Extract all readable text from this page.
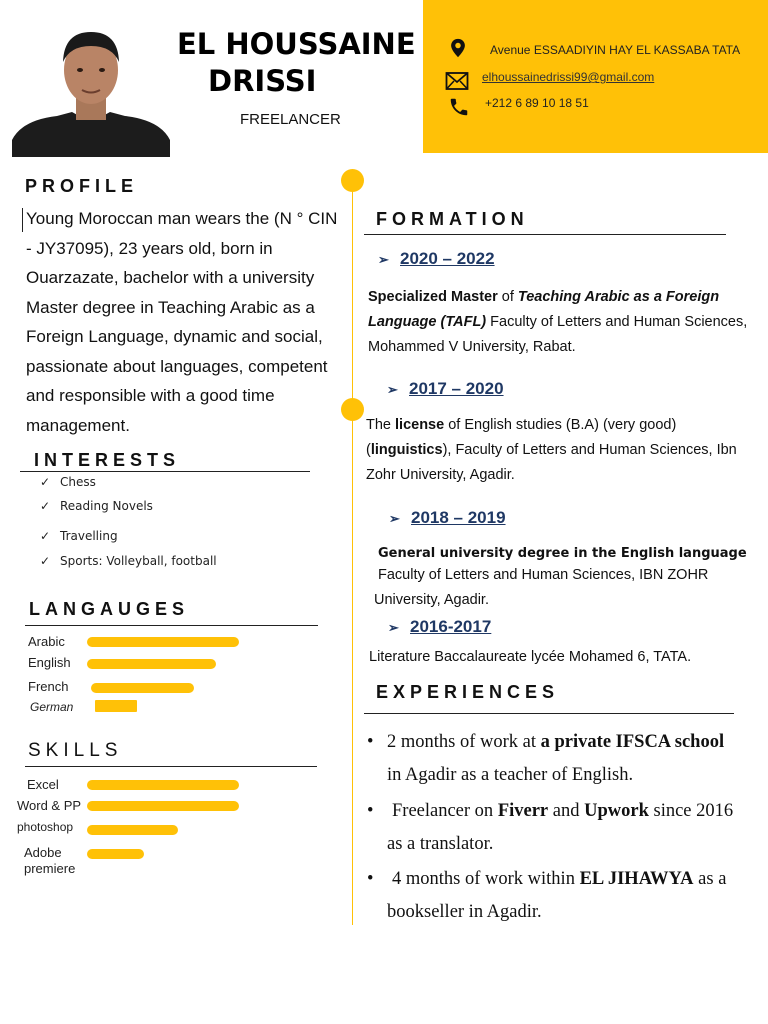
EL HOUSSAINE
DRISSI
FREELANCER
Avenue ESSAADIYIN HAY EL KASSABA TATA
elhoussainedrissi99@gmail.com
+212 6 89 10 18 51
PROFILE
Young Moroccan man wears the (N ° CIN - JY37095), 23 years old, born in Ouarzazate, bachelor with a university Master degree in Teaching Arabic as a Foreign Language, dynamic and social, passionate about languages, competent and responsible with a good time management.
INTERESTS
✓ Chess
✓ Reading Novels
✓ Travelling
✓ Sports: Volleyball, football
LANGAUGES
Arabic
English
French
German
SKILLS
Excel
Word & PP
photoshop
Adobe premiere
FORMATION
➢ 2020 – 2022
Specialized Master of Teaching Arabic as a Foreign Language (TAFL) Faculty of Letters and Human Sciences, Mohammed V University, Rabat.
➢ 2017 – 2020
The license of English studies (B.A) (very good) (linguistics), Faculty of Letters and Human Sciences, Ibn Zohr University, Agadir.
➢ 2018 – 2019
General university degree in the English language
Faculty of Letters and Human Sciences, IBN ZOHR University, Agadir.
➢ 2016-2017
Literature Baccalaureate lycée Mohamed 6, TATA.
EXPERIENCES
• 2 months of work at a private IFSCA school in Agadir as a teacher of English.
•	Freelancer on Fiverr and Upwork since 2016 as a translator.
•	4 months of work within EL JIHAWYA as a bookseller in Agadir.
